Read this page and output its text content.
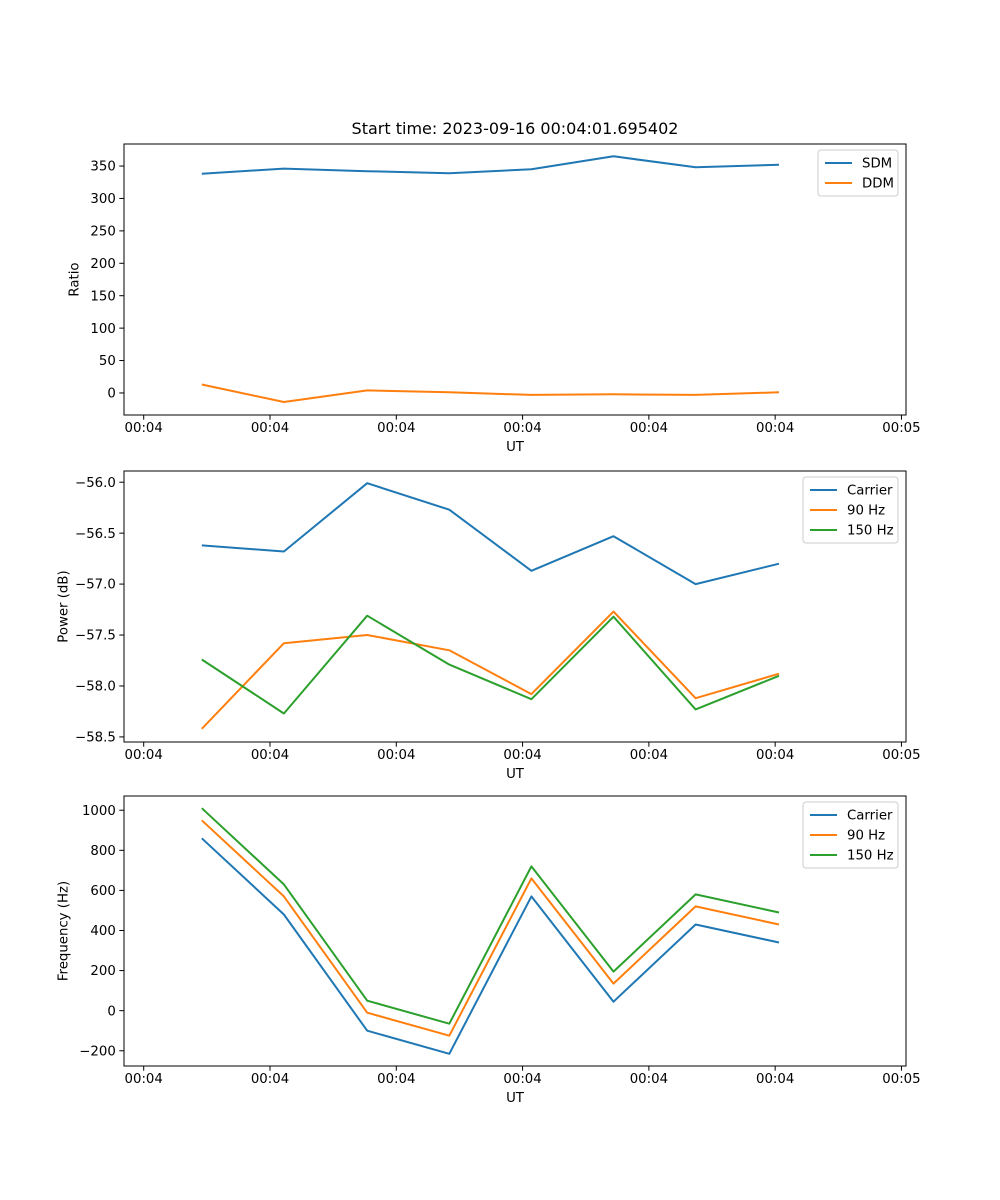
Start time: 2023-09-16 00:04:01.695402
00:04	00:04	00:04	00:04	00:04	00:04	00:05
0
50
100
150
200
250
300
350
UT
Ratio
SDM
DDM
00:04	00:04	00:04	00:04	00:04	00:04	00:05
−56.0
−56.5
−57.0
−57.5
−58.0
−58.5
UT
Power (dB)
Carrier
90 Hz
150 Hz
00:04	00:04	00:04	00:04	00:04	00:04	00:05
1000
800
600
400
200
0
−200
UT
Frequency (Hz)
Carrier
90 Hz
150 Hz
